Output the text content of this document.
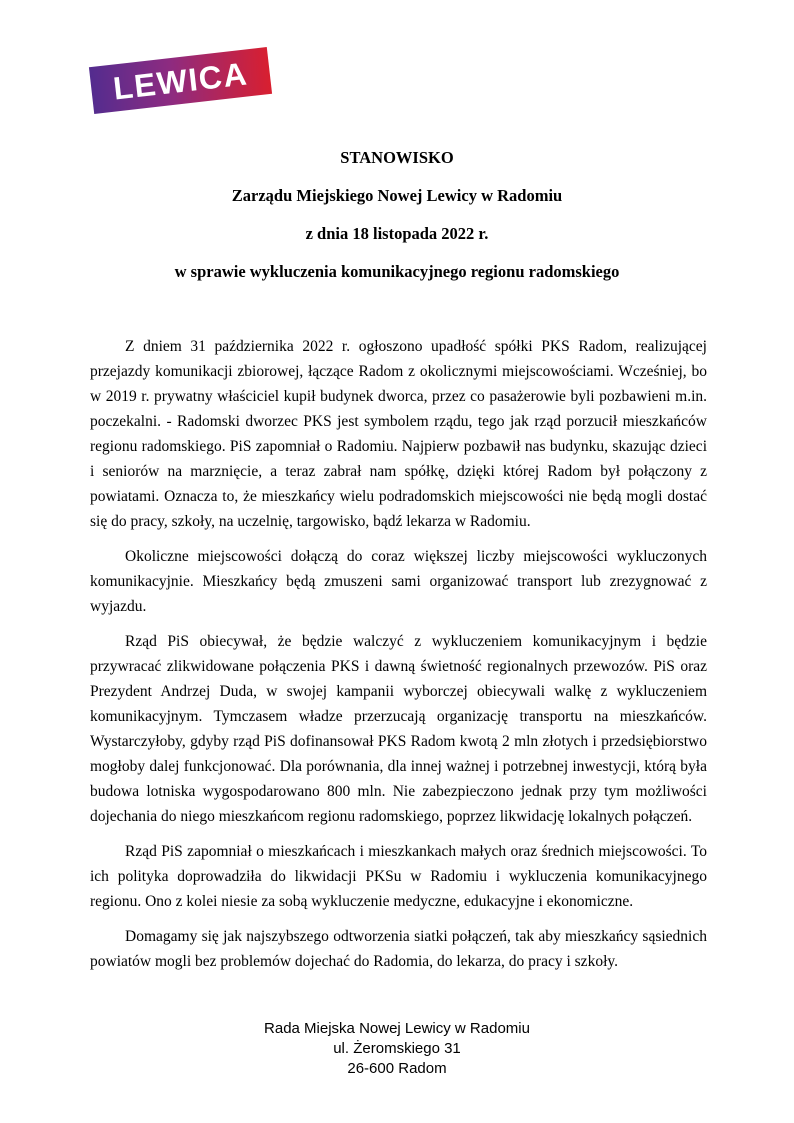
LEWICA
STANOWISKO
Zarządu Miejskiego Nowej Lewicy w Radomiu
z dnia 18 listopada 2022 r.
w sprawie wykluczenia komunikacyjnego regionu radomskiego

Z dniem 31 października 2022 r. ogłoszono upadłość spółki PKS Radom, realizującej przejazdy komunikacji zbiorowej, łączące Radom z okolicznymi miejscowościami. Wcześniej, bo w 2019 r. prywatny właściciel kupił budynek dworca, przez co pasażerowie byli pozbawieni m.in. poczekalni. - Radomski dworzec PKS jest symbolem rządu, tego jak rząd porzucił mieszkańców regionu radomskiego. PiS zapomniał o Radomiu. Najpierw pozbawił nas budynku, skazując dzieci i seniorów na marznięcie, a teraz zabrał nam spółkę, dzięki której Radom był połączony z powiatami. Oznacza to, że mieszkańcy wielu podradomskich miejscowości nie będą mogli dostać się do pracy, szkoły, na uczelnię, targowisko, bądź lekarza w Radomiu.

Okoliczne miejscowości dołączą do coraz większej liczby miejscowości wykluczonych komunikacyjnie. Mieszkańcy będą zmuszeni sami organizować transport lub zrezygnować z wyjazdu.

Rząd PiS obiecywał, że będzie walczyć z wykluczeniem komunikacyjnym i będzie przywracać zlikwidowane połączenia PKS i dawną świetność regionalnych przewozów. PiS oraz Prezydent Andrzej Duda, w swojej kampanii wyborczej obiecywali walkę z wykluczeniem komunikacyjnym. Tymczasem władze przerzucają organizację transportu na mieszkańców. Wystarczyłoby, gdyby rząd PiS dofinansował PKS Radom kwotą 2 mln złotych i przedsiębiorstwo mogłoby dalej funkcjonować. Dla porównania, dla innej ważnej i potrzebnej inwestycji, którą była budowa lotniska wygospodarowano 800 mln. Nie zabezpieczono jednak przy tym możliwości dojechania do niego mieszkańcom regionu radomskiego, poprzez likwidację lokalnych połączeń.

Rząd PiS zapomniał o mieszkańcach i mieszkankach małych oraz średnich miejscowości. To ich polityka doprowadziła do likwidacji PKSu w Radomiu i wykluczenia komunikacyjnego regionu. Ono z kolei niesie za sobą wykluczenie medyczne, edukacyjne i ekonomiczne.

Domagamy się jak najszybszego odtworzenia siatki połączeń, tak aby mieszkańcy sąsiednich powiatów mogli bez problemów dojechać do Radomia, do lekarza, do pracy i szkoły.

Rada Miejska Nowej Lewicy w Radomiu
ul. Żeromskiego 31
26-600 Radom
